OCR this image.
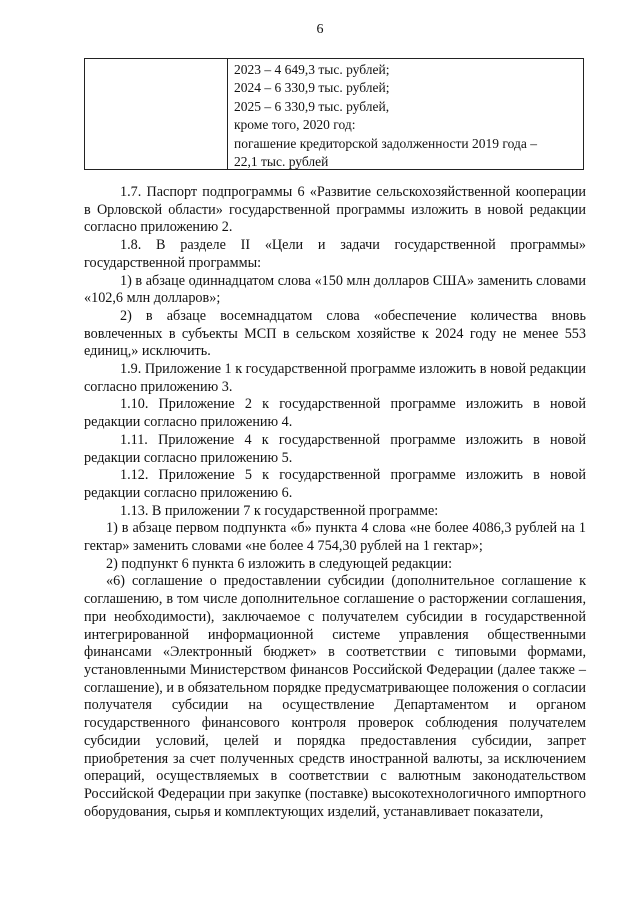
6
2023 – 4 649,3 тыс. рублей;
2024 – 6 330,9 тыс. рублей;
2025 – 6 330,9 тыс. рублей,
кроме того, 2020 год:
погашение кредиторской задолженности 2019 года –
22,1 тыс. рублей

1.7. Паспорт подпрограммы 6 «Развитие сельскохозяйственной кооперации в Орловской области» государственной программы изложить в новой редакции согласно приложению 2.

1.8. В разделе II «Цели и задачи государственной программы» государственной программы:

1) в абзаце одиннадцатом слова «150 млн долларов США» заменить словами «102,6 млн долларов»;

2) в абзаце восемнадцатом слова «обеспечение количества вновь вовлеченных в субъекты МСП в сельском хозяйстве к 2024 году не менее 553 единиц,» исключить.

1.9. Приложение 1 к государственной программе изложить в новой редакции согласно приложению 3.

1.10. Приложение 2 к государственной программе изложить в новой редакции согласно приложению 4.

1.11. Приложение 4 к государственной программе изложить в новой редакции согласно приложению 5.

1.12. Приложение 5 к государственной программе изложить в новой редакции согласно приложению 6.

1.13. В приложении 7 к государственной программе:

1) в абзаце первом подпункта «б» пункта 4 слова «не более 4086,3 рублей на 1 гектар» заменить словами «не более 4 754,30 рублей на 1 гектар»;

2) подпункт 6 пункта 6 изложить в следующей редакции:

«6) соглашение о предоставлении субсидии (дополнительное соглашение к соглашению, в том числе дополнительное соглашение о расторжении соглашения, при необходимости), заключаемое с получателем субсидии в государственной интегрированной информационной системе управления общественными финансами «Электронный бюджет» в соответствии с типовыми формами, установленными Министерством финансов Российской Федерации (далее также – соглашение), и в обязательном порядке предусматривающее положения о согласии получателя субсидии на осуществление Департаментом и органом государственного финансового контроля проверок соблюдения получателем субсидии условий, целей и порядка предоставления субсидии, запрет приобретения за счет полученных средств иностранной валюты, за исключением операций, осуществляемых в соответствии с валютным законодательством Российской Федерации при закупке (поставке) высокотехнологичного импортного оборудования, сырья и комплектующих изделий, устанавливает показатели,
